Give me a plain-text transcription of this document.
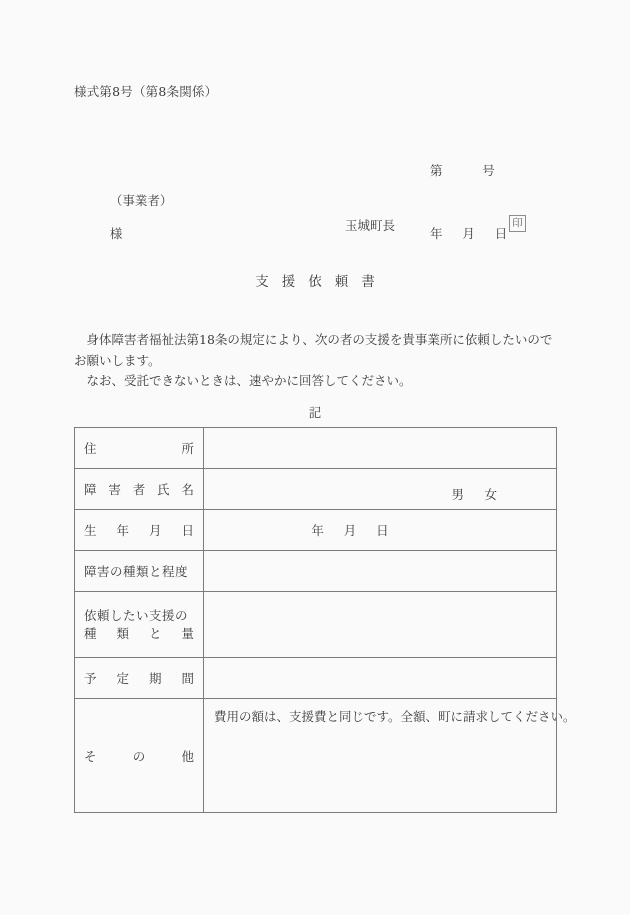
様式第8号（第8条関係）

第          号

年     月     日

（事業者）

様

玉城町長

	印

支援依頼書

身体障害者福祉法第18条の規定により、次の者の支援を貴事業所に依頼したいのでお願いします。

なお、受託できないときは、速やかに回答してください。

記
住 所	

障 害 者 氏 名	男　女

生 年 月 日	年     月     日

障害の種類と程度	

依頼したい支援の
種 類 と 量	

予 定 期 間	

そ の 他	費用の額は、支援費と同じです。全額、町に請求してください。
